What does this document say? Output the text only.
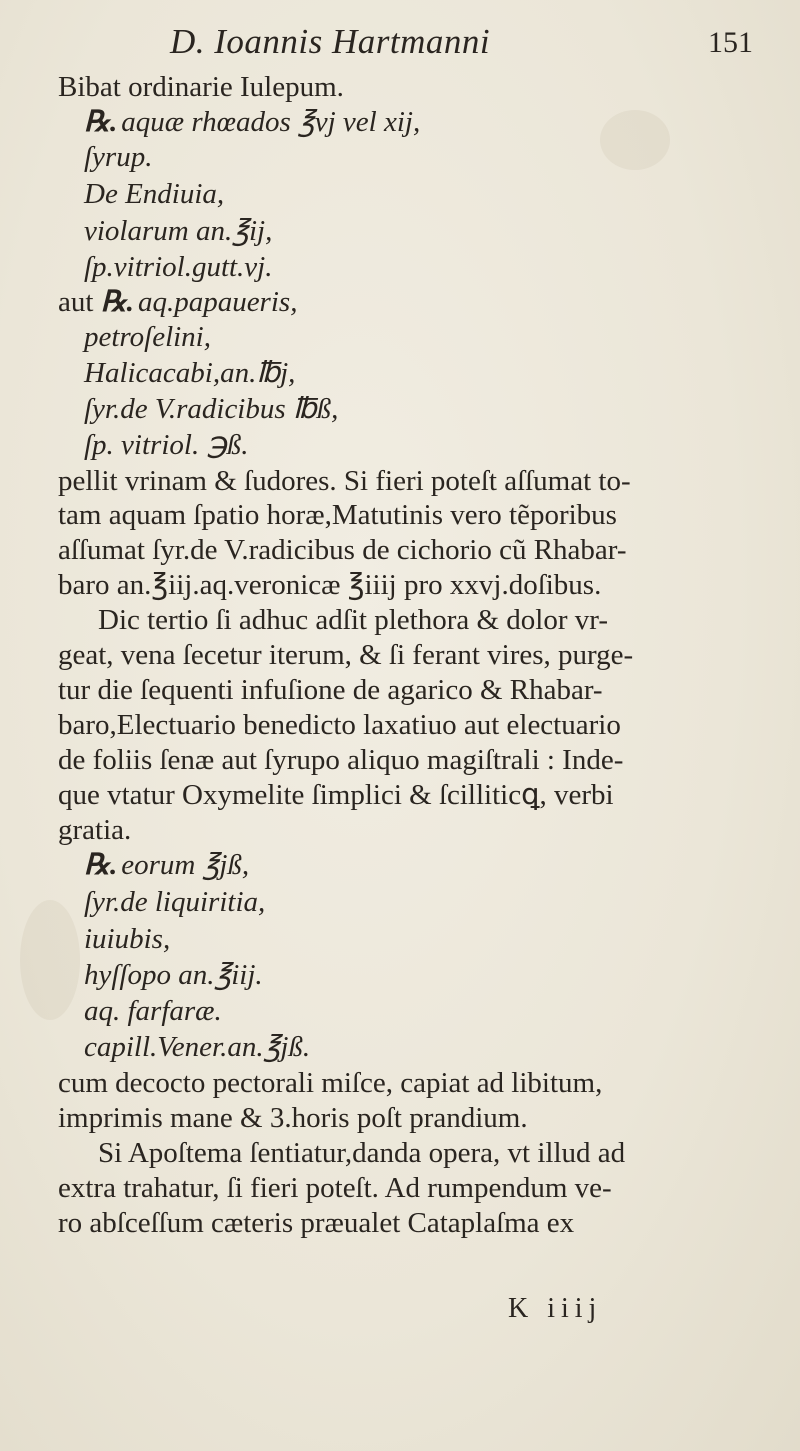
D. Ioannis Hartmanni	151
Bibat ordinarie Iulepum.
℞. aquæ rhœados ℥vj vel xij,
ſyrup.
De Endiuia,
violarum an.℥ij,
ſp.vitriol.gutt.vj.
aut ℞. aq.papaueris,
petroſelini,
Halicacabi,an.℔j,
ſyr.de V.radicibus ℔ß,
ſp. vitriol. ℈ß.
pellit vrinam & ſudores. Si fieri poteſt aſſumat to-
tam aquam ſpatio horæ,Matutinis vero tẽporibus
aſſumat ſyr.de V.radicibus de cichorio cũ Rhabar-
baro an.℥iij.aq.veronicæ ℥iiij pro xxvj.doſibus.
Dic tertio ſi adhuc adſit plethora & dolor vr-
geat, vena ſecetur iterum, & ſi ferant vires, purge-
tur die ſequenti infuſione de agarico & Rhabar-
baro,Electuario benedicto laxatiuo aut electuario
de foliis ſenæ aut ſyrupo aliquo magiſtrali : Inde-
que vtatur Oxymelite ſimplici & ſcilliticꝗ, verbi
gratia.
℞. eorum ℥jß,
ſyr.de liquiritia,
iuiubis,
hyſſopo an.℥iij.
aq. farfaræ.
capill.Vener.an.℥jß.
cum decocto pectorali miſce, capiat ad libitum,
imprimis mane & 3.horis poſt prandium.
Si Apoſtema ſentiatur,danda opera, vt illud ad
extra trahatur, ſi fieri poteſt. Ad rumpendum ve-
ro abſceſſum cæteris præualet Cataplaſma ex
K iiij
